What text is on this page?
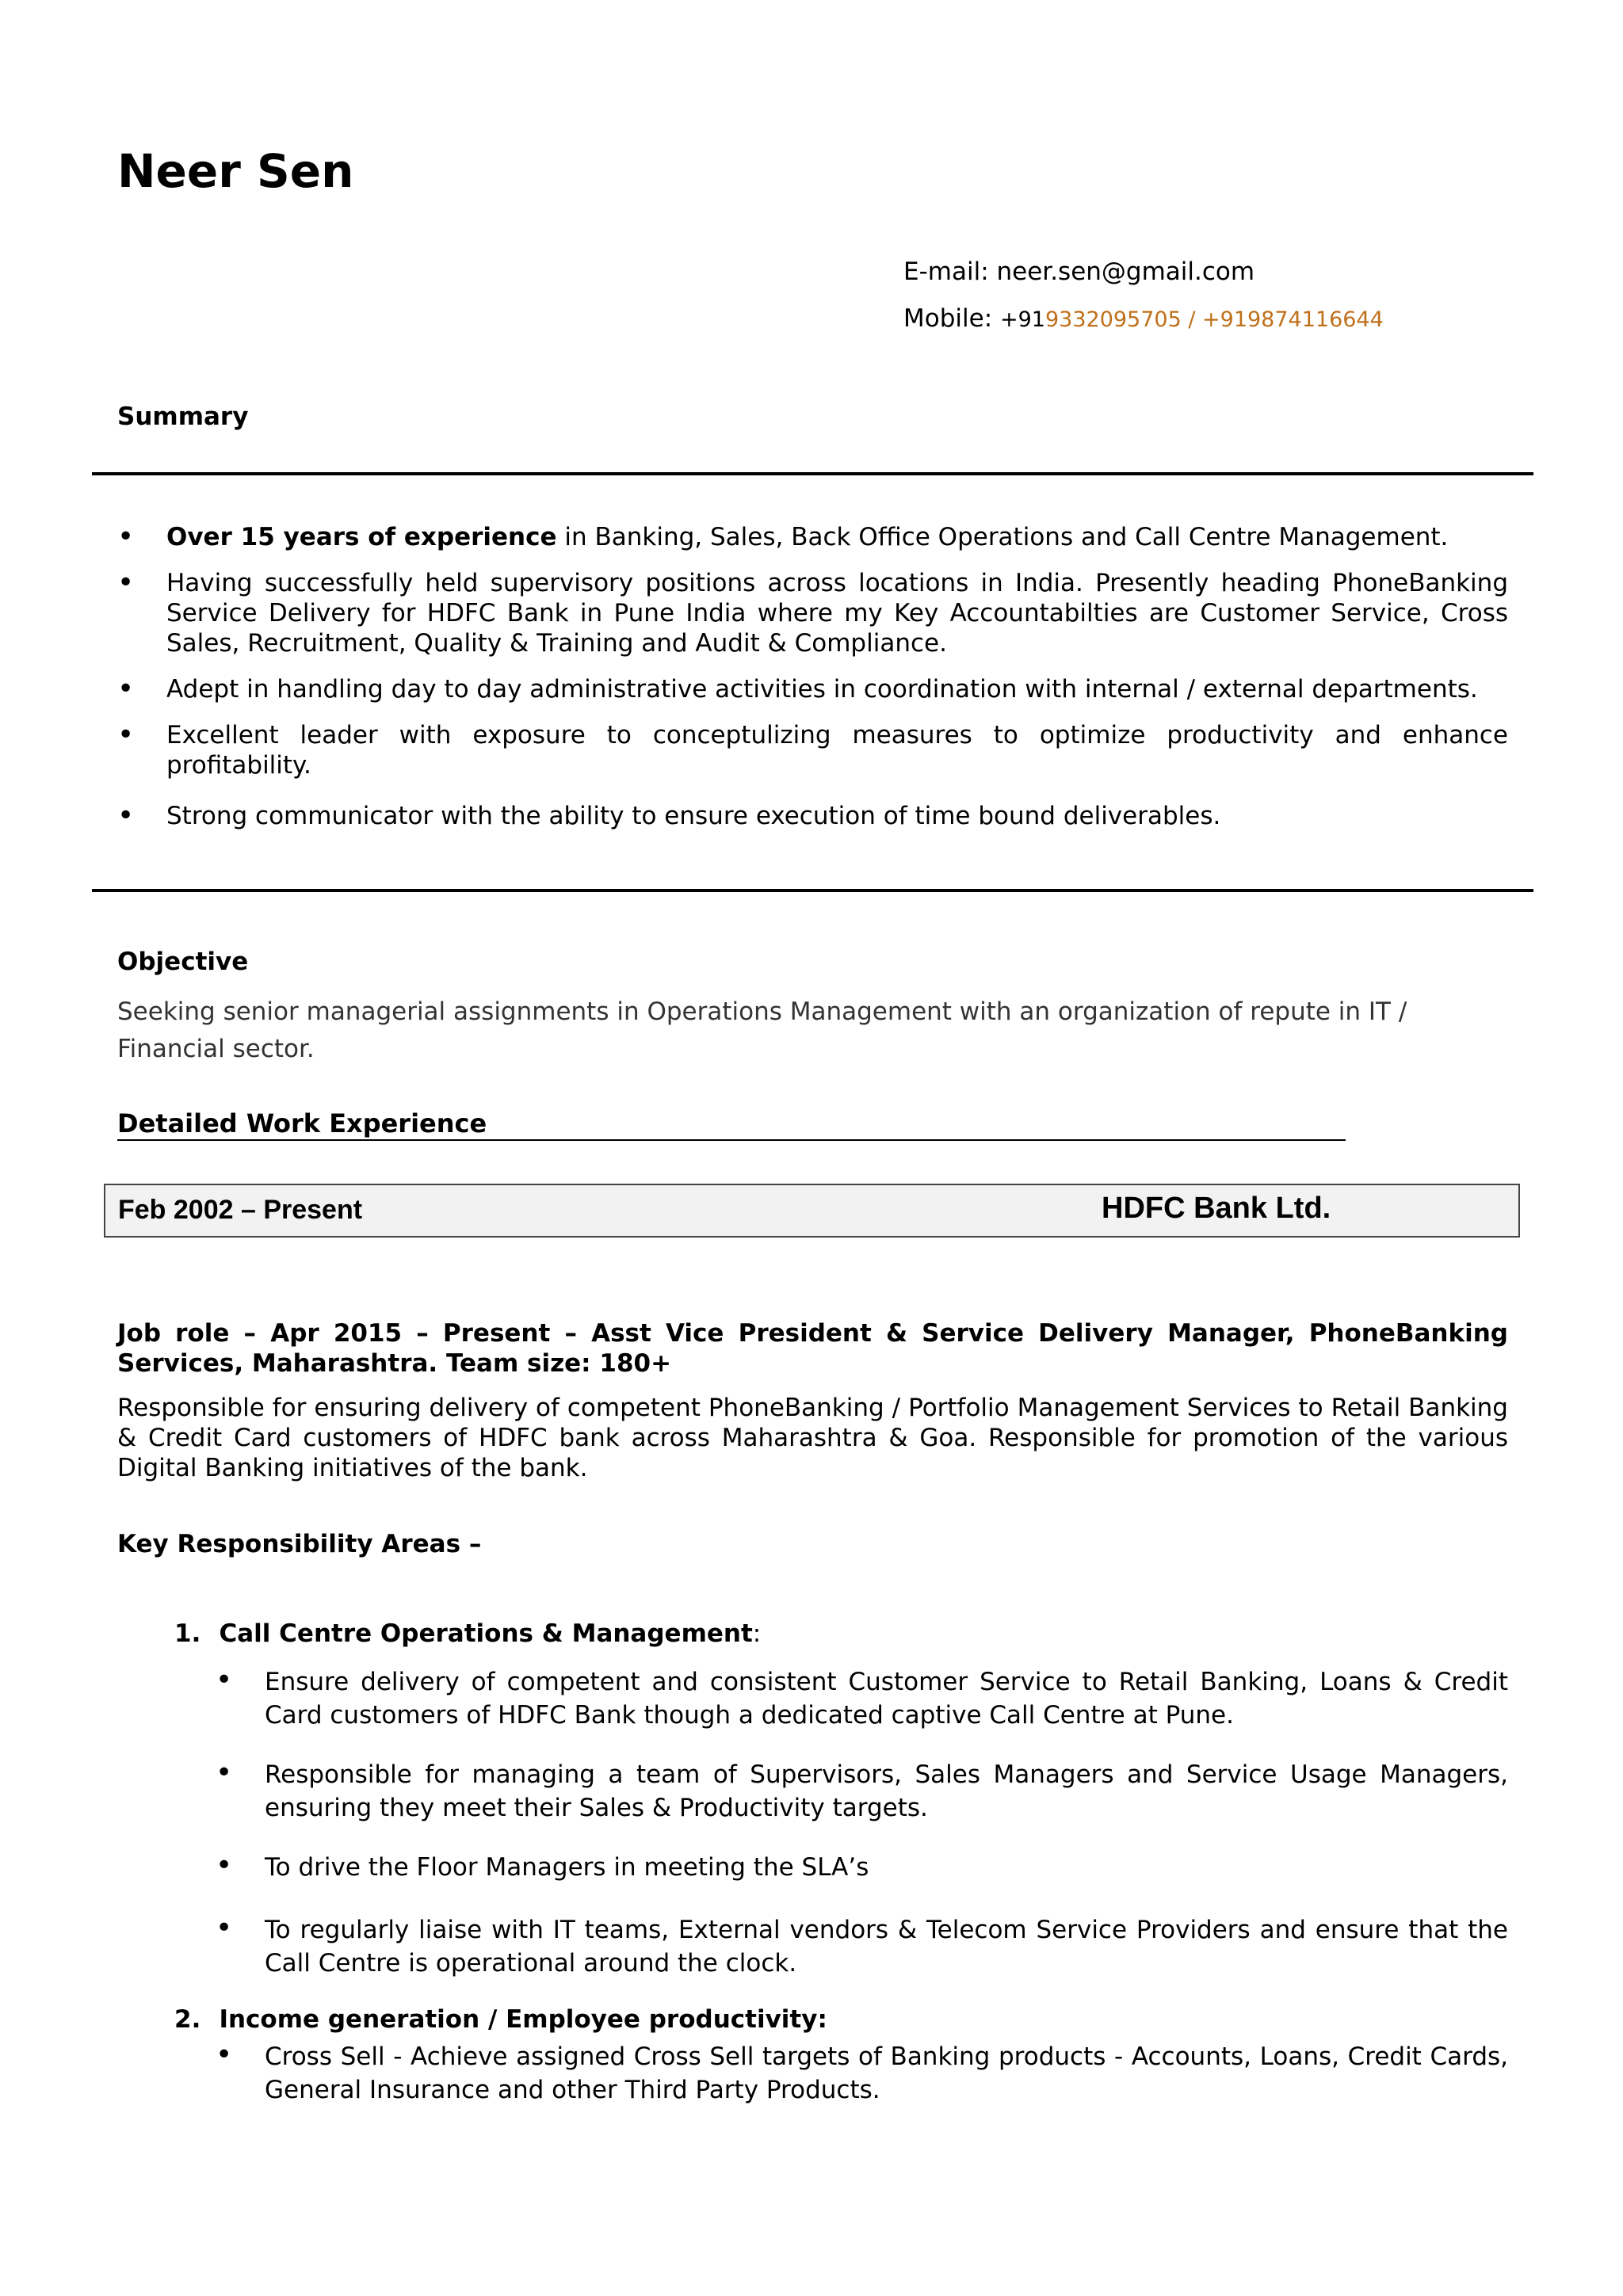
Neer Sen
E-mail: neer.sen@gmail.com
Mobile: +919332095705 / +919874116644
Summary
• Over 15 years of experience in Banking, Sales, Back Office Operations and Call Centre Management.
• Having successfully held supervisory positions across locations in India. Presently heading PhoneBanking Service Delivery for HDFC Bank in Pune India where my Key Accountabilties are Customer Service, Cross Sales, Recruitment, Quality & Training and Audit & Compliance.
• Adept in handling day to day administrative activities in coordination with internal / external departments.
• Excellent leader with exposure to conceptulizing measures to optimize productivity and enhance profitability.
• Strong communicator with the ability to ensure execution of time bound deliverables.
Objective
Seeking senior managerial assignments in Operations Management with an organization of repute in IT / Financial sector.
Detailed Work Experience
Feb 2002 – Present	HDFC Bank Ltd.
Job role – Apr 2015 – Present – Asst Vice President & Service Delivery Manager, PhoneBanking Services, Maharashtra. Team size: 180+
Responsible for ensuring delivery of competent PhoneBanking / Portfolio Management Services to Retail Banking & Credit Card customers of HDFC bank across Maharashtra & Goa. Responsible for promotion of the various Digital Banking initiatives of the bank.
Key Responsibility Areas –
1. Call Centre Operations & Management:
• Ensure delivery of competent and consistent Customer Service to Retail Banking, Loans & Credit Card customers of HDFC Bank though a dedicated captive Call Centre at Pune.
• Responsible for managing a team of Supervisors, Sales Managers and Service Usage Managers, ensuring they meet their Sales & Productivity targets.
• To drive the Floor Managers in meeting the SLA’s
• To regularly liaise with IT teams, External vendors & Telecom Service Providers and ensure that the Call Centre is operational around the clock.
2. Income generation / Employee productivity:
• Cross Sell - Achieve assigned Cross Sell targets of Banking products - Accounts, Loans, Credit Cards, General Insurance and other Third Party Products.
